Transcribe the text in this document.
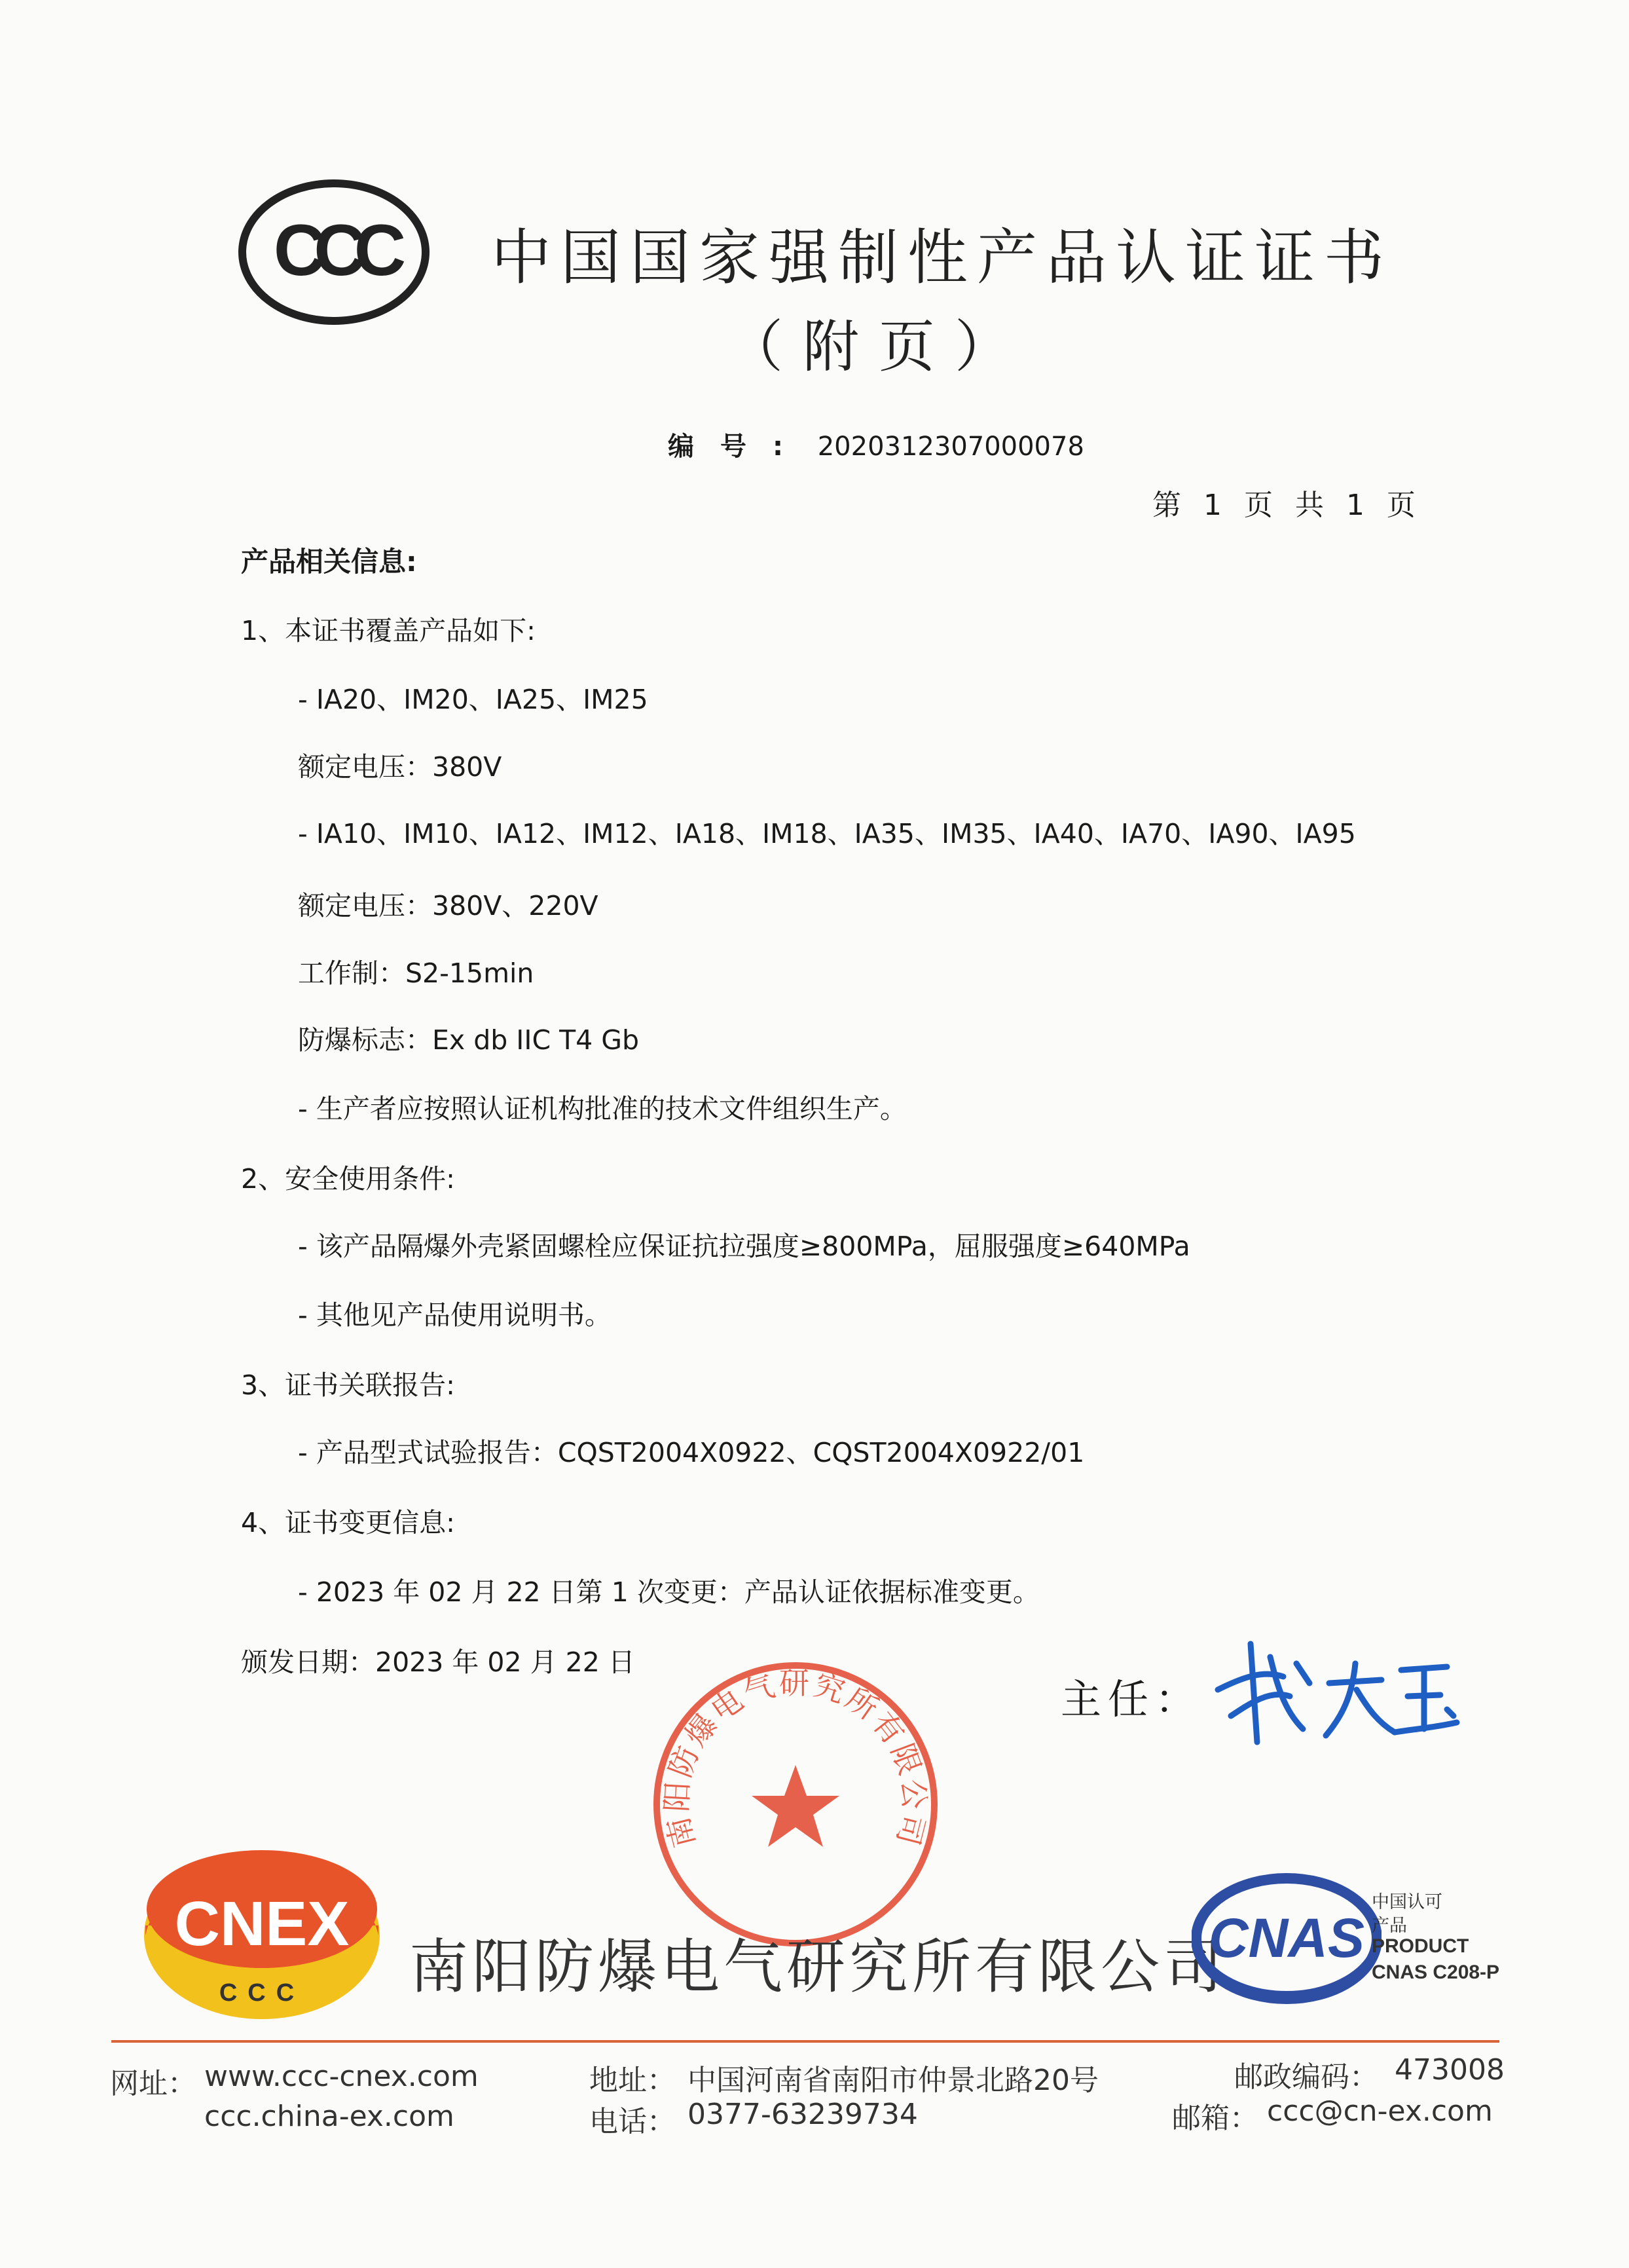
CCC 中国国家强制性产品认证证书
（附页）
编号: 2020312307000078
第 1 页 共 1 页
产品相关信息:
1、本证书覆盖产品如下:
- IA20、IM20、IA25、IM25
额定电压：380V
- IA10、IM10、IA12、IM12、IA18、IM18、IA35、IM35、IA40、IA70、IA90、IA95
额定电压：380V、220V
工作制：S2-15min
防爆标志：Ex db IIC T4 Gb
- 生产者应按照认证机构批准的技术文件组织生产。
2、安全使用条件:
- 该产品隔爆外壳紧固螺栓应保证抗拉强度≥800MPa，屈服强度≥640MPa
- 其他见产品使用说明书。
3、证书关联报告:
- 产品型式试验报告：CQST2004X0922、CQST2004X0922/01
4、证书变更信息:
- 2023 年 02 月 22 日第 1 次变更：产品认证依据标准变更。
颁发日期：2023 年 02 月 22 日
主任：
南阳防爆电气研究所有限公司
CNEX
CCC 南阳防爆电气研究所有限公司
CNAS
中国认可
产品
PRODUCT
CNAS C208-P
网址： www.ccc-cnex.com
ccc.china-ex.com
地址： 中国河南省南阳市仲景北路20号
电话： 0377-63239734
邮政编码： 473008
邮箱： ccc@cn-ex.com
